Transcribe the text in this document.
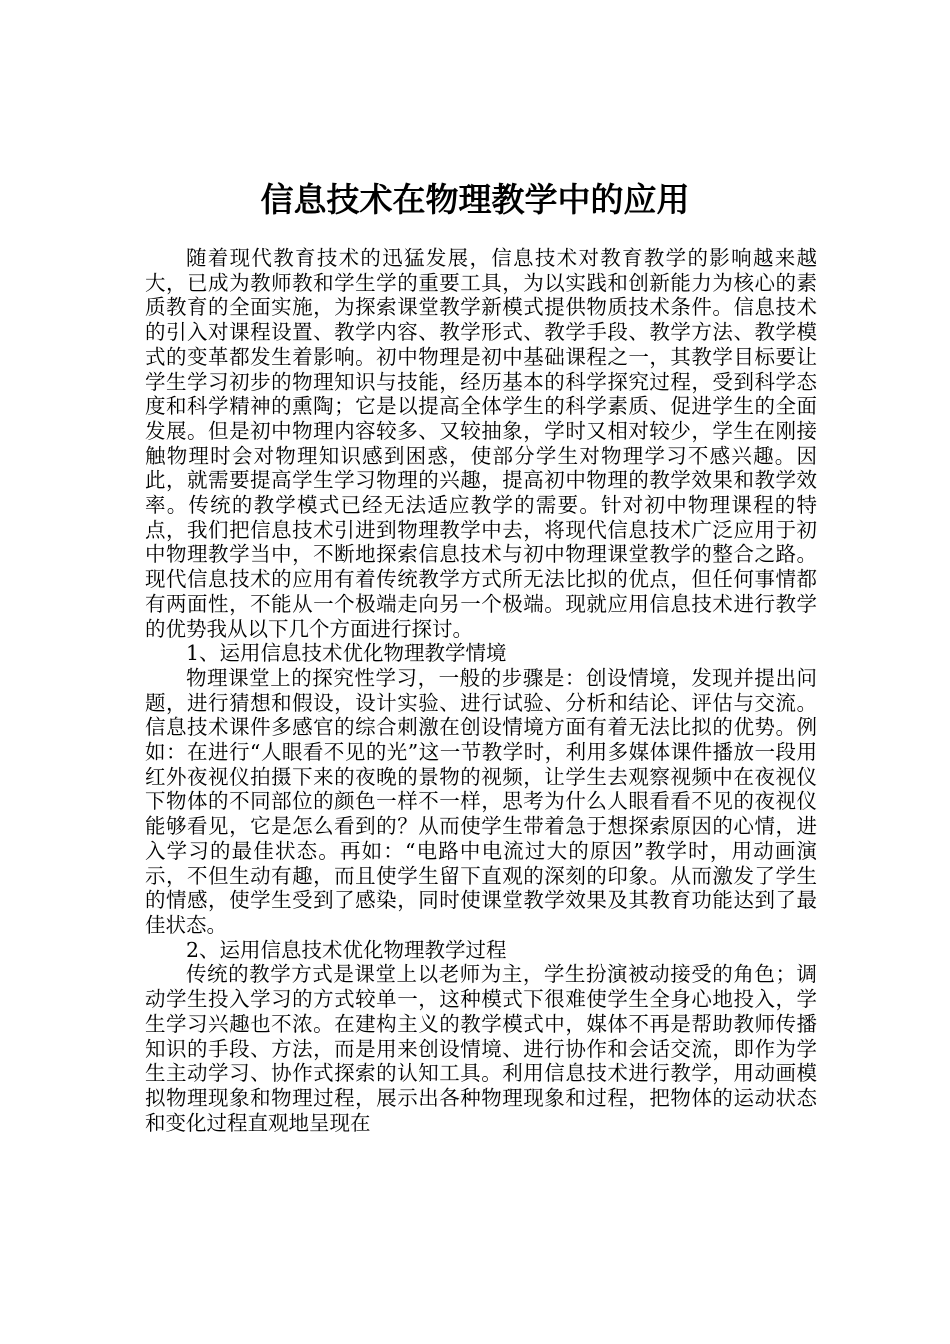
信息技术在物理教学中的应用

随着现代教育技术的迅猛发展，信息技术对教育教学的影响越来越大，已成为教师教和学生学的重要工具，为以实践和创新能力为核心的素质教育的全面实施，为探索课堂教学新模式提供物质技术条件。信息技术的引入对课程设置、教学内容、教学形式、教学手段、教学方法、教学模式的变革都发生着影响。初中物理是初中基础课程之一，其教学目标要让学生学习初步的物理知识与技能，经历基本的科学探究过程，受到科学态度和科学精神的熏陶；它是以提高全体学生的科学素质、促进学生的全面发展。但是初中物理内容较多、又较抽象，学时又相对较少，学生在刚接触物理时会对物理知识感到困惑，使部分学生对物理学习不感兴趣。因此，就需要提高学生学习物理的兴趣，提高初中物理的教学效果和教学效率。传统的教学模式已经无法适应教学的需要。针对初中物理课程的特点，我们把信息技术引进到物理教学中去，将现代信息技术广泛应用于初中物理教学当中，不断地探索信息技术与初中物理课堂教学的整合之路。现代信息技术的应用有着传统教学方式所无法比拟的优点，但任何事情都有两面性，不能从一个极端走向另一个极端。现就应用信息技术进行教学的优势我从以下几个方面进行探讨。

1、运用信息技术优化物理教学情境

物理课堂上的探究性学习，一般的步骤是：创设情境，发现并提出问题，进行猜想和假设，设计实验、进行试验、分析和结论、评估与交流。信息技术课件多感官的综合刺激在创设情境方面有着无法比拟的优势。例如：在进行“人眼看不见的光”这一节教学时，利用多媒体课件播放一段用红外夜视仪拍摄下来的夜晚的景物的视频，让学生去观察视频中在夜视仪下物体的不同部位的颜色一样不一样，思考为什么人眼看看不见的夜视仪能够看见，它是怎么看到的？从而使学生带着急于想探索原因的心情，进入学习的最佳状态。再如：“电路中电流过大的原因”教学时，用动画演示，不但生动有趣，而且使学生留下直观的深刻的印象。从而激发了学生的情感，使学生受到了感染，同时使课堂教学效果及其教育功能达到了最佳状态。

2、运用信息技术优化物理教学过程

传统的教学方式是课堂上以老师为主，学生扮演被动接受的角色；调动学生投入学习的方式较单一，这种模式下很难使学生全身心地投入，学生学习兴趣也不浓。在建构主义的教学模式中，媒体不再是帮助教师传播知识的手段、方法，而是用来创设情境、进行协作和会话交流，即作为学生主动学习、协作式探索的认知工具。利用信息技术进行教学，用动画模拟物理现象和物理过程，展示出各种物理现象和过程，把物体的运动状态和变化过程直观地呈现在
